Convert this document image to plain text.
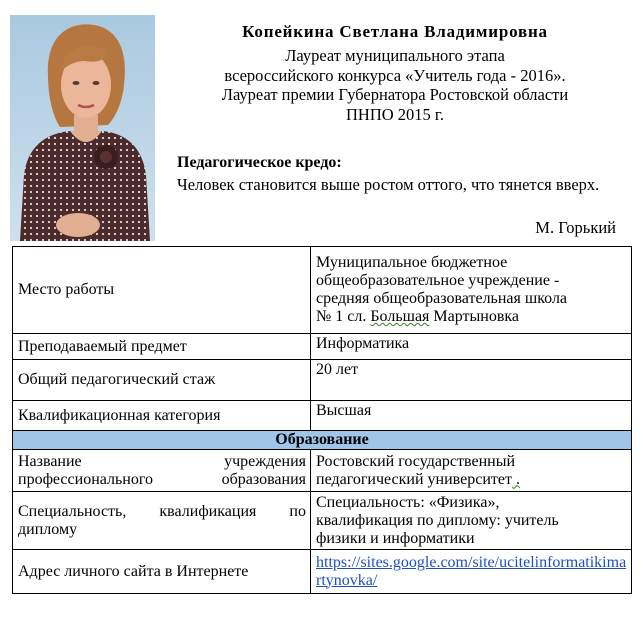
Копейкина Светлана Владимировна
Лауреат муниципального этапа
всероссийского конкурса «Учитель года - 2016».
Лауреат премии Губернатора Ростовской области
ПНПО 2015 г.
Педагогическое кредо:
Человек становится выше ростом оттого, что тянется вверх.
М. Горький
Место работы	Муниципальное бюджетное
общеобразовательное учреждение -
средняя общеобразовательная школа
№ 1 сл. Большая Мартыновка

Преподаваемый предмет	Информатика
Общий педагогический стаж	20 лет
Квалификационная категория	Высшая
Образование	
Название учреждения профессионального образования	Ростовский государственный
педагогический университет .

Специальность, квалификация по диплому	Специальность: «Физика»,
квалификация по диплому: учитель
физики и информатики

Адрес личного сайта в Интернете	https://sites.google.com/site/ucitelinformatikimartynovka/
